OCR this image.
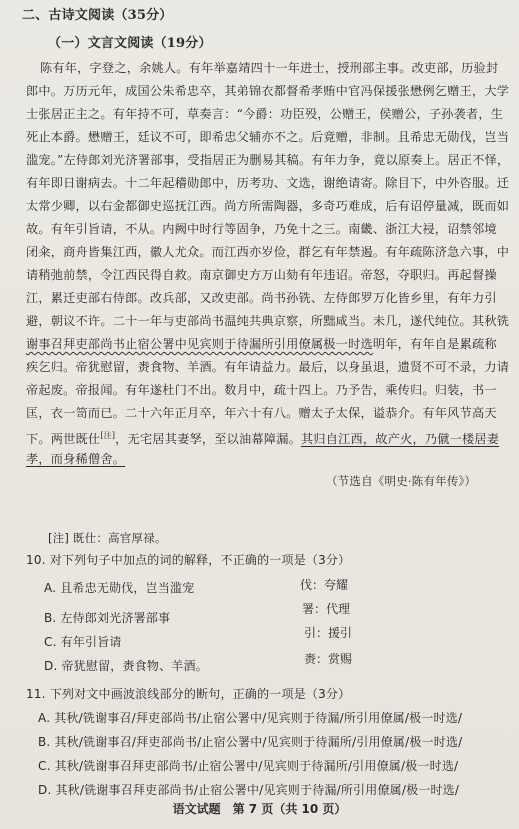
二、古诗文阅读（35分）
（一）文言文阅读（19分）
陈有年，字登之，余姚人。有年举嘉靖四十一年进士，授刑部主事。改吏部，历验封
郎中。万历元年，成国公朱希忠卒，其弟锦衣都督希孝贿中官冯保援张懋例乞赠王，大学
士张居正主之。有年持不可，草奏言：“今爵：功臣殁，公赠王，侯赠公，子孙袭者，生
死止本爵。懋赠王，廷议不可，即希忠父辅亦不之。后竟赠，非制。且希忠无勋伐，岂当
滥宠。”左侍郎刘光济署部事，受指居正为删易其稿。有年力争，竟以原奏上。居正不怿，
有年即日谢病去。十二年起稽勋郎中，历考功、文选，谢绝请寄。除目下，中外咨服。迁
太常少卿，以右金都御史巡抚江西。尚方所需陶器，多奇巧难成，后有诏停量减，既而如
故。有年引旨请，不从。内阙中时行等固争，乃免十之三。南畿、浙江大祲，诏禁邻境
闭籴，商舟皆集江西，徽人尤众。而江西亦岁俭，群乞有年禁遏。有年疏陈济急六事，中
请稍弛前禁，令江西民得自救。南京御史方万山劾有年违诏。帝怒，夺职归。再起督操
江，累迁吏部右侍郎。改兵部，又改吏部。尚书孙铣、左侍郎罗万化皆乡里，有年力引
避，朝议不许。二十一年与吏部尚书温纯共典京察，所黜咸当。未几，遂代纯位。其秋铣
谢事召拜吏部尚书止宿公署中见宾则于待漏所引用僚属极一时选明年，有年自是累疏称
疾乞归。帝犹慰留，赉食物、羊酒。有年请益力。最后，以身虽退，遗贤不可不录，力请
帝起废。帝报闻。有年遂杜门不出。数月中，疏十四上。乃予告，乘传归。归装，书一
匡，衣一笥而已。二十六年正月卒，年六十有八。赠太子太保，谥恭介。有年风节高天
下。两世既仕[注]，无宅居其妻孥，至以油幕障漏。其归自江西，故产火，乃僦一楼居妻
孝，而身稀僧舍。
（节选自《明史·陈有年传》）
[注] 既仕：高官厚禄。
10. 对下列句子中加点的词的解释，不正确的一项是（3分）
A. 且希忠无勋伐，岂当滥宠	伐：夸耀
B. 左侍郎刘光济署部事
署：代理
C. 有年引旨请
引：援引
D. 帝犹慰留，赉食物、羊酒。	赉：赏赐
11. 下列对文中画波浪线部分的断句，正确的一项是（3分）
A. 其秋/铣谢事召/拜吏部尚书/止宿公署中/见宾则于待漏/所引用僚属/极一时选/
B. 其秋/铣谢事召/拜吏部尚书/止宿公署中/见宾则于待漏所/引用僚属/极一时选/
C. 其秋/铣谢事召拜吏部尚书/止宿公署中/见宾则于待漏所/引用僚属/极一时选/
D. 其秋/铣谢事召拜吏部尚书/止宿公署中/见宾则于待漏/所引用僚属/极一时选/
语文试题　第 7 页（共 10 页）
